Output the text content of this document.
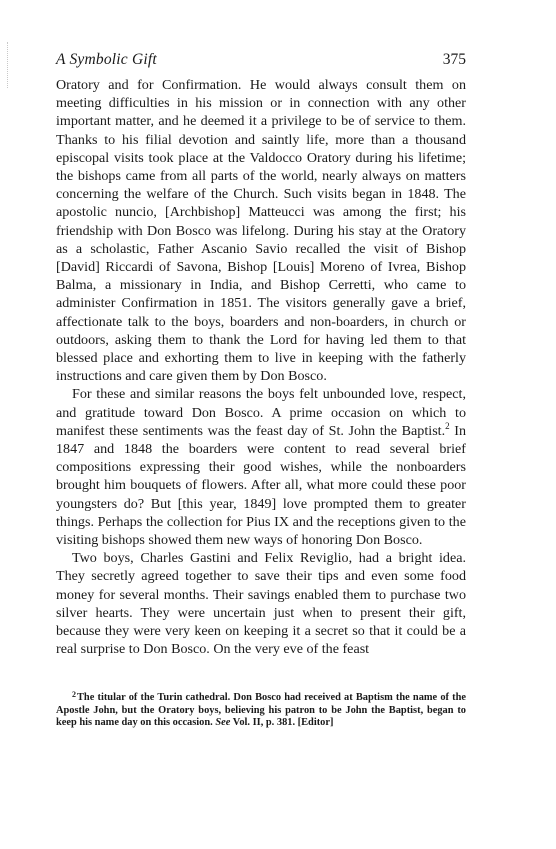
A Symbolic Gift	375

Oratory and for Confirmation. He would always consult them on meeting difficulties in his mission or in connection with any other important matter, and he deemed it a privilege to be of service to them. Thanks to his filial devotion and saintly life, more than a thousand episcopal visits took place at the Valdocco Oratory during his lifetime; the bishops came from all parts of the world, nearly always on matters concerning the welfare of the Church. Such visits began in 1848. The apostolic nuncio, [Archbishop] Matteucci was among the first; his friendship with Don Bosco was lifelong. During his stay at the Oratory as a scholastic, Father Ascanio Savio recalled the visit of Bishop [David] Riccardi of Savona, Bishop [Louis] Moreno of Ivrea, Bishop Balma, a missionary in India, and Bishop Cerretti, who came to administer Confirmation in 1851. The visitors generally gave a brief, affectionate talk to the boys, boarders and non-boarders, in church or outdoors, asking them to thank the Lord for having led them to that blessed place and exhorting them to live in keeping with the fatherly instructions and care given them by Don Bosco.

For these and similar reasons the boys felt unbounded love, respect, and gratitude toward Don Bosco. A prime occasion on which to manifest these sentiments was the feast day of St. John the Baptist.$^2$ In 1847 and 1848 the boarders were content to read several brief compositions expressing their good wishes, while the nonboarders brought him bouquets of flowers. After all, what more could these poor youngsters do? But [this year, 1849] love prompted them to greater things. Perhaps the collection for Pius IX and the receptions given to the visiting bishops showed them new ways of honoring Don Bosco.

Two boys, Charles Gastini and Felix Reviglio, had a bright idea. They secretly agreed together to save their tips and even some food money for several months. Their savings enabled them to purchase two silver hearts. They were uncertain just when to present their gift, because they were very keen on keeping it a secret so that it could be a real surprise to Don Bosco. On the very eve of the feast

$^2$The titular of the Turin cathedral. Don Bosco had received at Baptism the name of the Apostle John, but the Oratory boys, believing his patron to be John the Baptist, began to keep his name day on this occasion. See Vol. II, p. 381. [Editor]
